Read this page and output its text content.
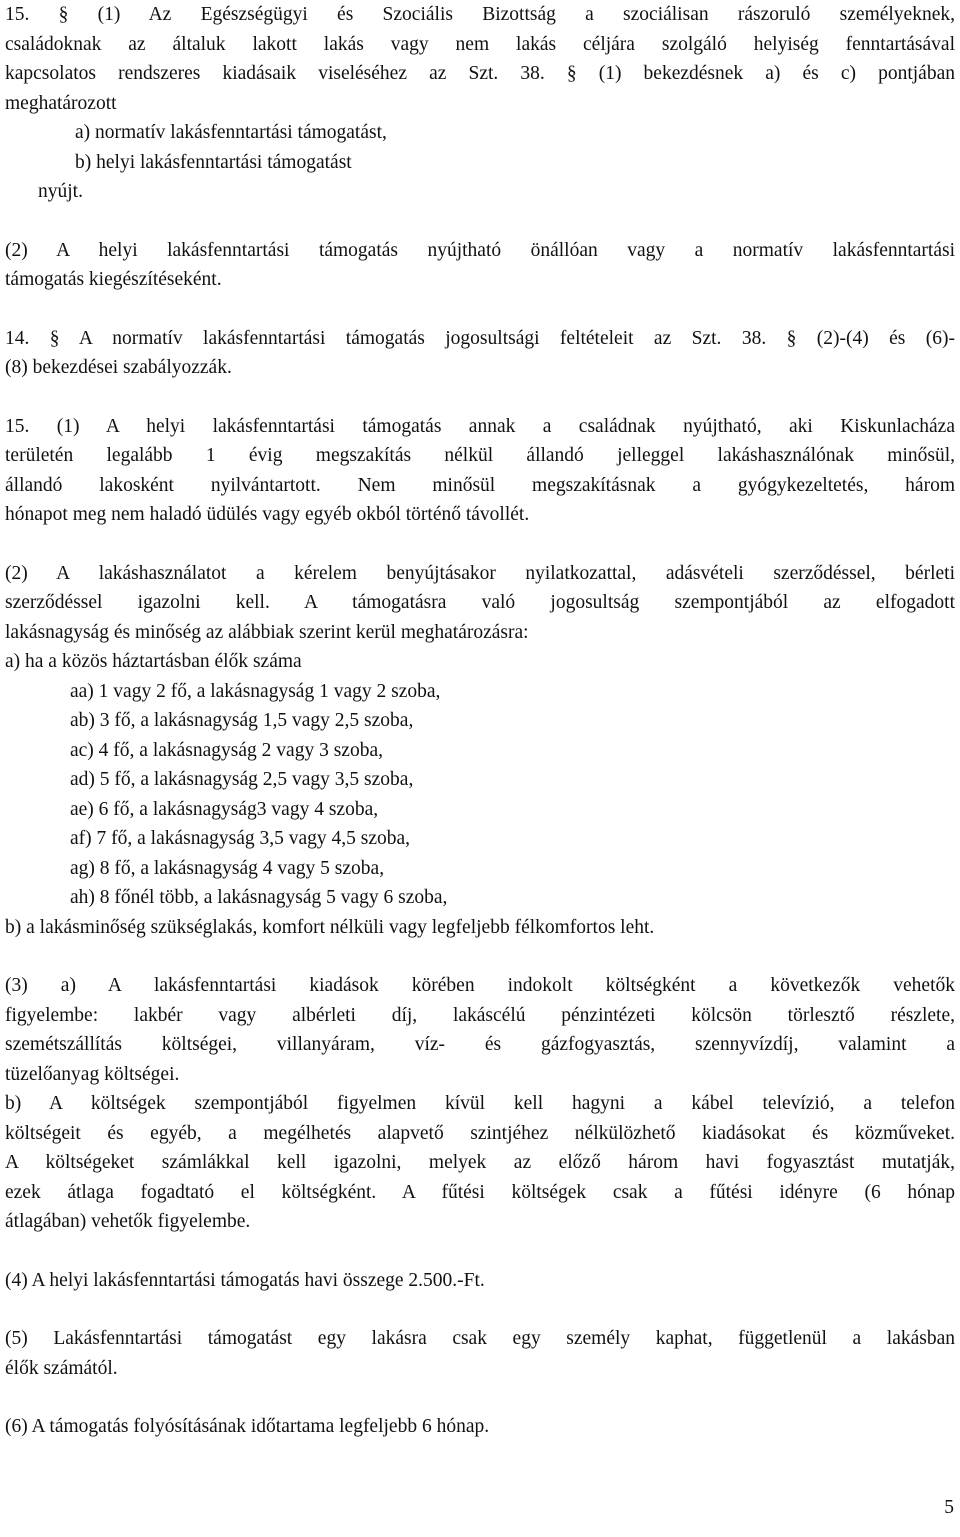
15. § (1) Az Egészségügyi és Szociális Bizottság a szociálisan rászoruló személyeknek,

családoknak az általuk lakott lakás vagy nem lakás céljára szolgáló helyiség fenntartásával

kapcsolatos rendszeres kiadásaik viseléséhez az Szt. 38. § (1) bekezdésnek a) és c) pontjában

meghatározott

a) normatív lakásfenntartási támogatást,

b) helyi lakásfenntartási támogatást

nyújt.

(2) A helyi lakásfenntartási támogatás nyújtható önállóan vagy a normatív lakásfenntartási

támogatás kiegészítéseként.

14. § A normatív lakásfenntartási támogatás jogosultsági feltételeit az Szt. 38. § (2)-(4) és (6)-

(8) bekezdései szabályozzák.

15. (1) A helyi lakásfenntartási támogatás annak a családnak nyújtható, aki Kiskunlacháza

területén legalább 1 évig megszakítás nélkül állandó jelleggel lakáshasználónak minősül,

állandó lakosként nyilvántartott. Nem minősül megszakításnak a gyógykezeltetés, három

hónapot meg nem haladó üdülés vagy egyéb okból történő távollét.

(2) A lakáshasználatot a kérelem benyújtásakor nyilatkozattal, adásvételi szerződéssel, bérleti

szerződéssel igazolni kell. A támogatásra való jogosultság szempontjából az elfogadott

lakásnagyság és minőség az alábbiak szerint kerül meghatározásra:

a) ha a közös háztartásban élők száma

aa) 1 vagy 2 fő, a lakásnagyság 1 vagy 2 szoba,

ab) 3 fő, a lakásnagyság 1,5 vagy 2,5 szoba,

ac) 4 fő, a lakásnagyság 2 vagy 3 szoba,

ad) 5 fő, a lakásnagyság 2,5 vagy 3,5 szoba,

ae) 6 fő, a lakásnagyság3 vagy 4 szoba,

af) 7 fő, a lakásnagyság 3,5 vagy 4,5 szoba,

ag) 8 fő, a lakásnagyság 4 vagy 5 szoba,

ah) 8 főnél több, a lakásnagyság 5 vagy 6 szoba,

b) a lakásminőség szükséglakás, komfort nélküli vagy legfeljebb félkomfortos leht.

(3) a) A lakásfenntartási kiadások körében indokolt költségként a következők vehetők

figyelembe: lakbér vagy albérleti díj, lakáscélú pénzintézeti kölcsön törlesztő részlete,

szemétszállítás költségei, villanyáram, víz- és gázfogyasztás, szennyvízdíj, valamint a

tüzelőanyag költségei.

b) A költségek szempontjából figyelmen kívül kell hagyni a kábel televízió, a telefon

költségeit és egyéb, a megélhetés alapvető szintjéhez nélkülözhető kiadásokat és közműveket.

A költségeket számlákkal kell igazolni, melyek az előző három havi fogyasztást mutatják,

ezek átlaga fogadtató el költségként. A fűtési költségek csak a fűtési idényre (6 hónap

átlagában) vehetők figyelembe.

(4) A helyi lakásfenntartási támogatás havi összege 2.500.-Ft.

(5) Lakásfenntartási támogatást egy lakásra csak egy személy kaphat, függetlenül a lakásban

élők számától.

(6) A támogatás folyósításának időtartama legfeljebb 6 hónap.

5
